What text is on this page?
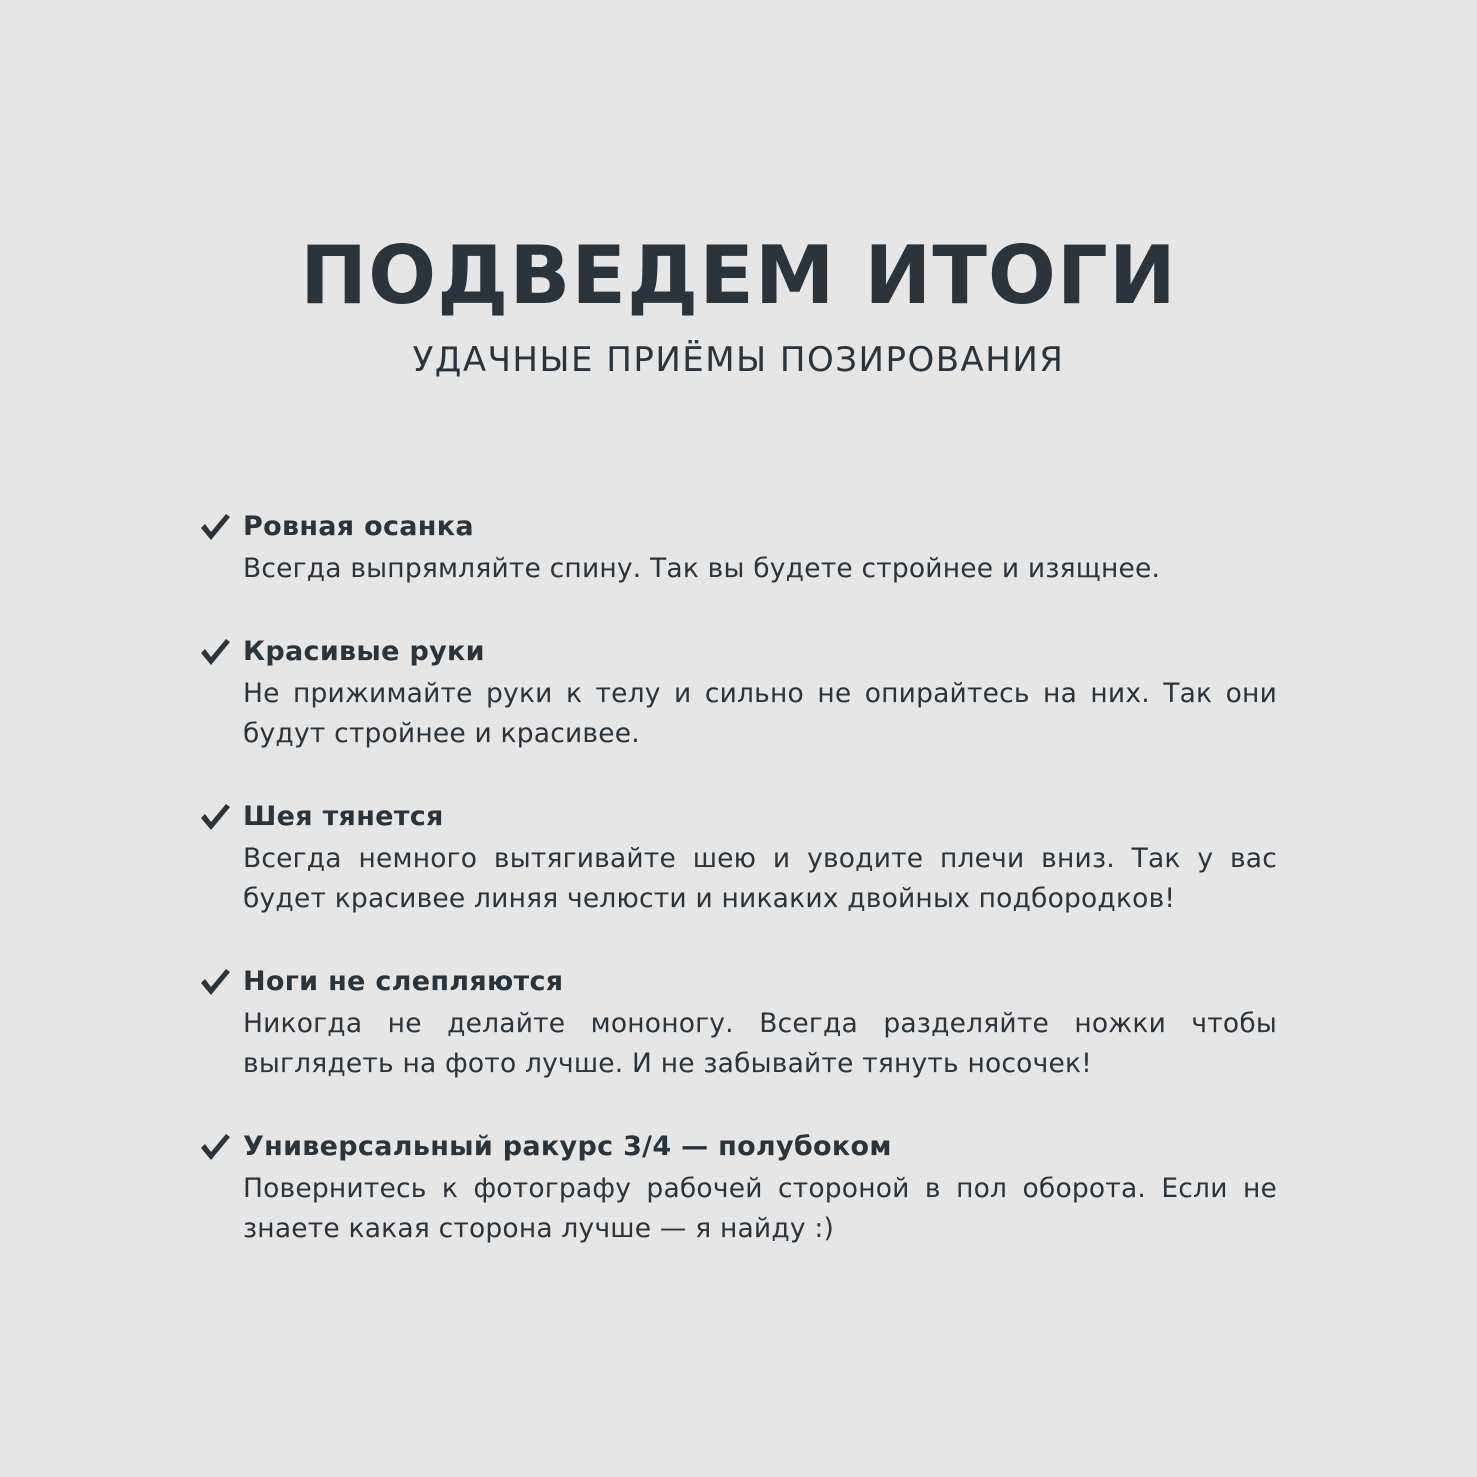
ПОДВЕДЕМ ИТОГИ
УДАЧНЫЕ ПРИЁМЫ ПОЗИРОВАНИЯ
Ровная осанка
Всегда выпрямляйте спину. Так вы будете стройнее и изящнее.
Красивые руки
Не прижимайте руки к телу и сильно не опирайтесь на них. Так они будут стройнее и красивее.
Шея тянется
Всегда немного вытягивайте шею и уводите плечи вниз. Так у вас будет красивее линяя челюсти и никаких двойных подбородков!
Ноги не слепляются
Никогда не делайте мононогу. Всегда разделяйте ножки чтобы выглядеть на фото лучше. И не забывайте тянуть носочек!
Универсальный ракурс 3/4 — полубоком
Повернитесь к фотографу рабочей стороной в пол оборота. Если не знаете какая сторона лучше — я найду :)
